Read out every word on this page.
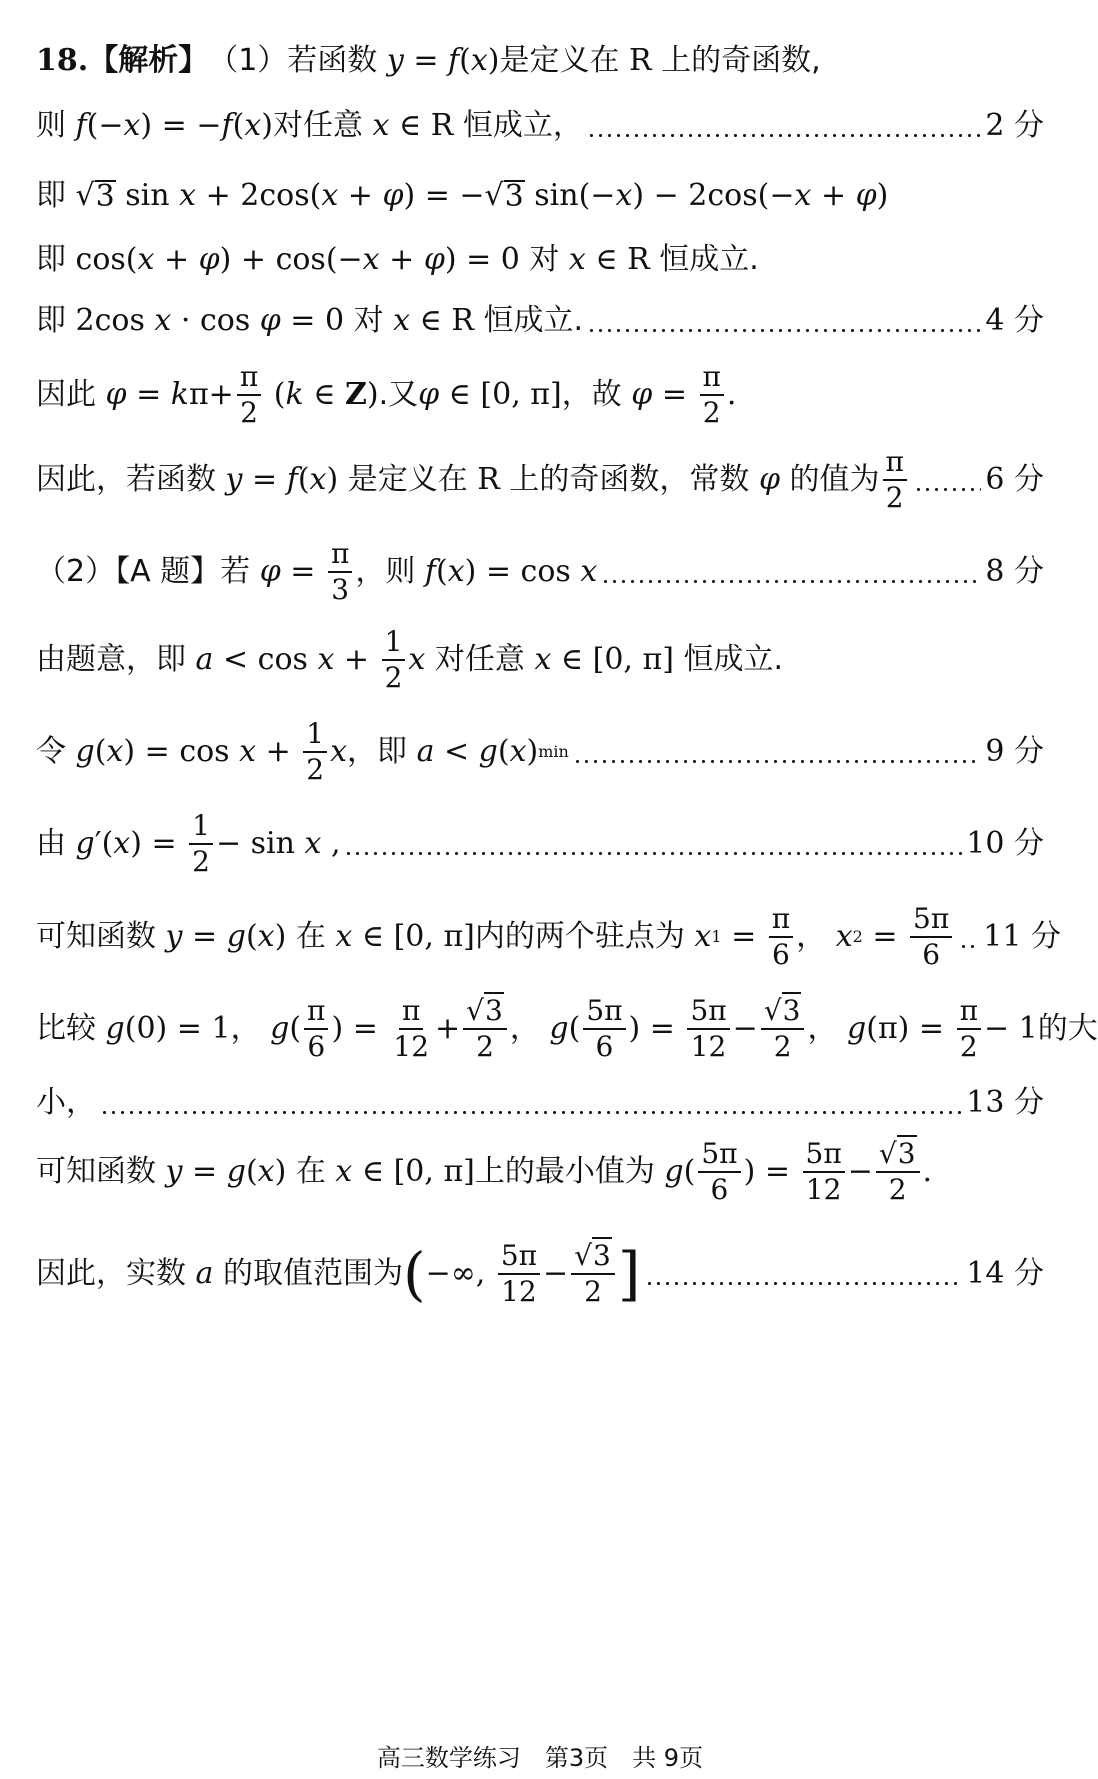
18. 【解析】 （1） 若函数
y = f ( x ) 是定义在 R 上的奇函数,
则
f (− x ) = − f ( x ) 对任意
x ∈ R 恒成立，	2 分
即 √ 3 sin x + 2cos( x + φ ) = −√ 3 sin(− x ) − 2cos(− x + φ )
即 cos( x + φ ) + cos(− x + φ ) = 0 对
x ∈ R 恒成立.
即 2cos x · cos φ = 0 对
x ∈ R 恒成立.	4 分
因此
φ = k $\pi+ \frac{\pi}{2}$ ( k ∈ Z ) .又 φ ∈ [0, π] ，故
$\varphi = \frac{\pi}{2}$ .
因此，若函数
y = f ( x ) 是定义在 R 上的奇函数，常数
φ
的值为 $\frac{\pi}{2}$	6 分
（2）【A 题】 若
$\varphi = \frac{\pi}{3}$ ，则
f ( x ) = cos x	8 分
由题意，即
$a < \cos x + \frac{1}{2}$ x
对任意
x ∈ [0, π] 恒成立.
令
g ( x ) = $\cos x + \frac{1}{2}$ x ，即
a < g ( x ) min	9 分
由
g ′( x ) = $\frac{1}{2} - \sin x$ ,	10 分
可知函数
y = g ( x ) 在
x ∈ [0, π] 内的两个驻点为
x $1 = \frac{\pi}{6}$ ，
x $2 = \frac{5\pi}{6} 11$ 分
比较
g (0) = 1 ，
g ( $\frac{\pi}{6}$ ) = $\frac{\pi}{12} + \frac{√3}{2}$ ，
g ( $\frac{5\pi}{6}$ ) = $\frac{5\pi}{12} - \frac{√3}{2}$ ，
g $(\pi) = \frac{\pi}{2} - 1$ 的大
小，	13 分
可知函数
y = g ( x ) 在
x ∈ [0, π] 上的最小值为
g ( $\frac{5\pi}{6}$ ) = $\frac{5\pi}{12} - \frac{√3}{2}$ .
因此，实数
a
的取值范围为 ( −∞, $\frac{5\pi}{12} - \frac{√3}{2}$ ]	14 分
高三数学练习　第3页　共 9页
